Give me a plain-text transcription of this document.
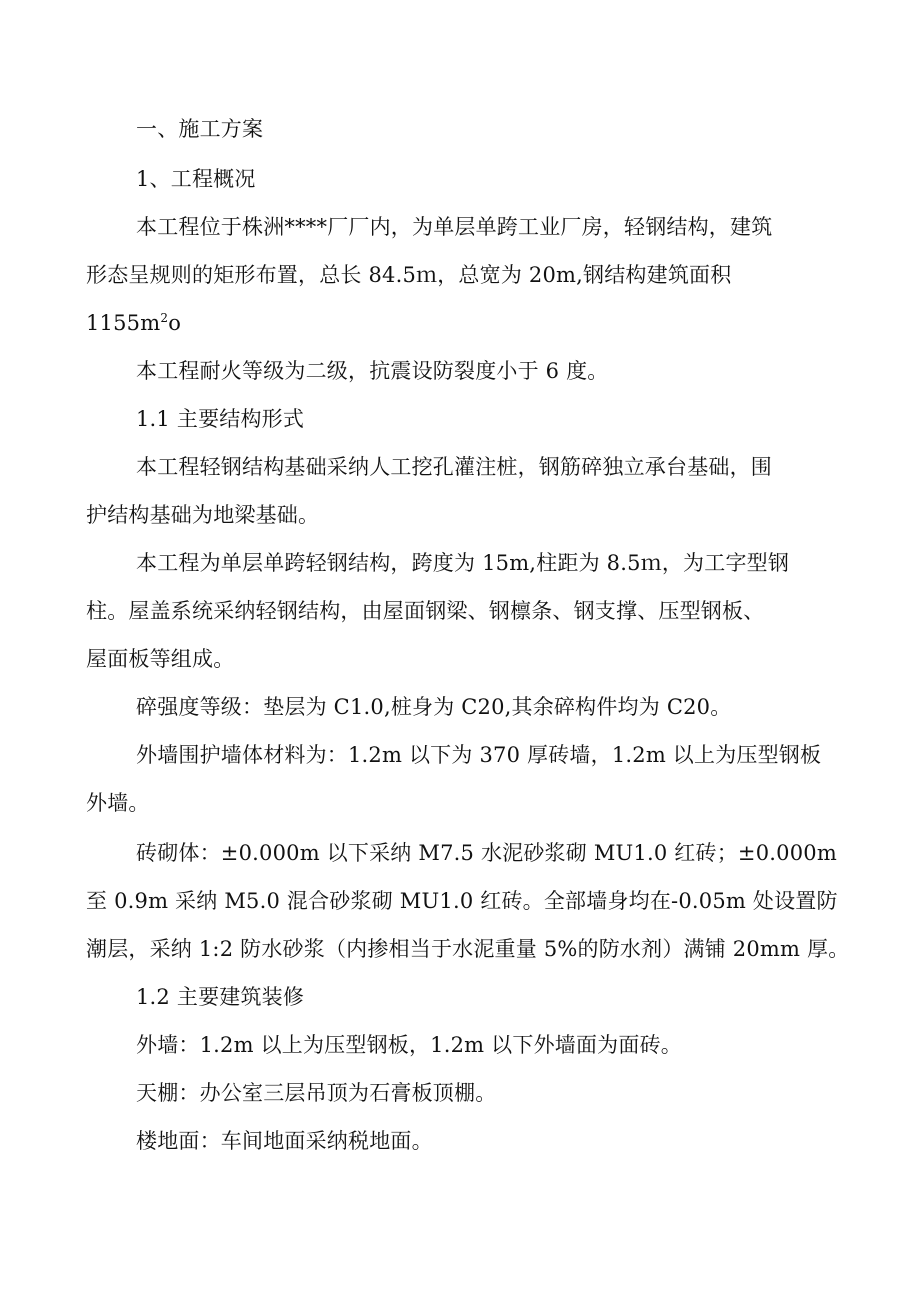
一、施工方案
1、工程概况
本工程位于株洲****厂厂内，为单层单跨工业厂房，轻钢结构，建筑
形态呈规则的矩形布置，总长 84.5ｍ，总宽为 20m,钢结构建筑面积
$1155m^2o$
本工程耐火等级为二级，抗震设防裂度小于 6 度。
1.1 主要结构形式
本工程轻钢结构基础采纳人工挖孔灌注桩，钢筋碎独立承台基础，围
护结构基础为地梁基础。
本工程为单层单跨轻钢结构，跨度为 15m,柱距为 8.5ｍ，为工字型钢
柱。屋盖系统采纳轻钢结构，由屋面钢梁、钢檩条、钢支撑、压型钢板、
屋面板等组成。
碎强度等级：垫层为 C1.0,桩身为 C20,其余碎构件均为 C20。
外墙围护墙体材料为：1.2m 以下为 370 厚砖墙，1.2m 以上为压型钢板
外墙。
砖砌体：±0.000m 以下采纳 M7.5 水泥砂浆砌 MU1.0 红砖；±0.000m
至 0.9m 采纳 M5.0 混合砂浆砌 MU1.0 红砖。全部墙身均在-0.05m 处设置防
潮层，采纳 1:2 防水砂浆（内掺相当于水泥重量 5%的防水剂）满铺 20mm 厚。
1.2 主要建筑装修
外墙：1.2m 以上为压型钢板，1.2m 以下外墙面为面砖。
天棚：办公室三层吊顶为石膏板顶棚。
楼地面：车间地面采纳税地面。
